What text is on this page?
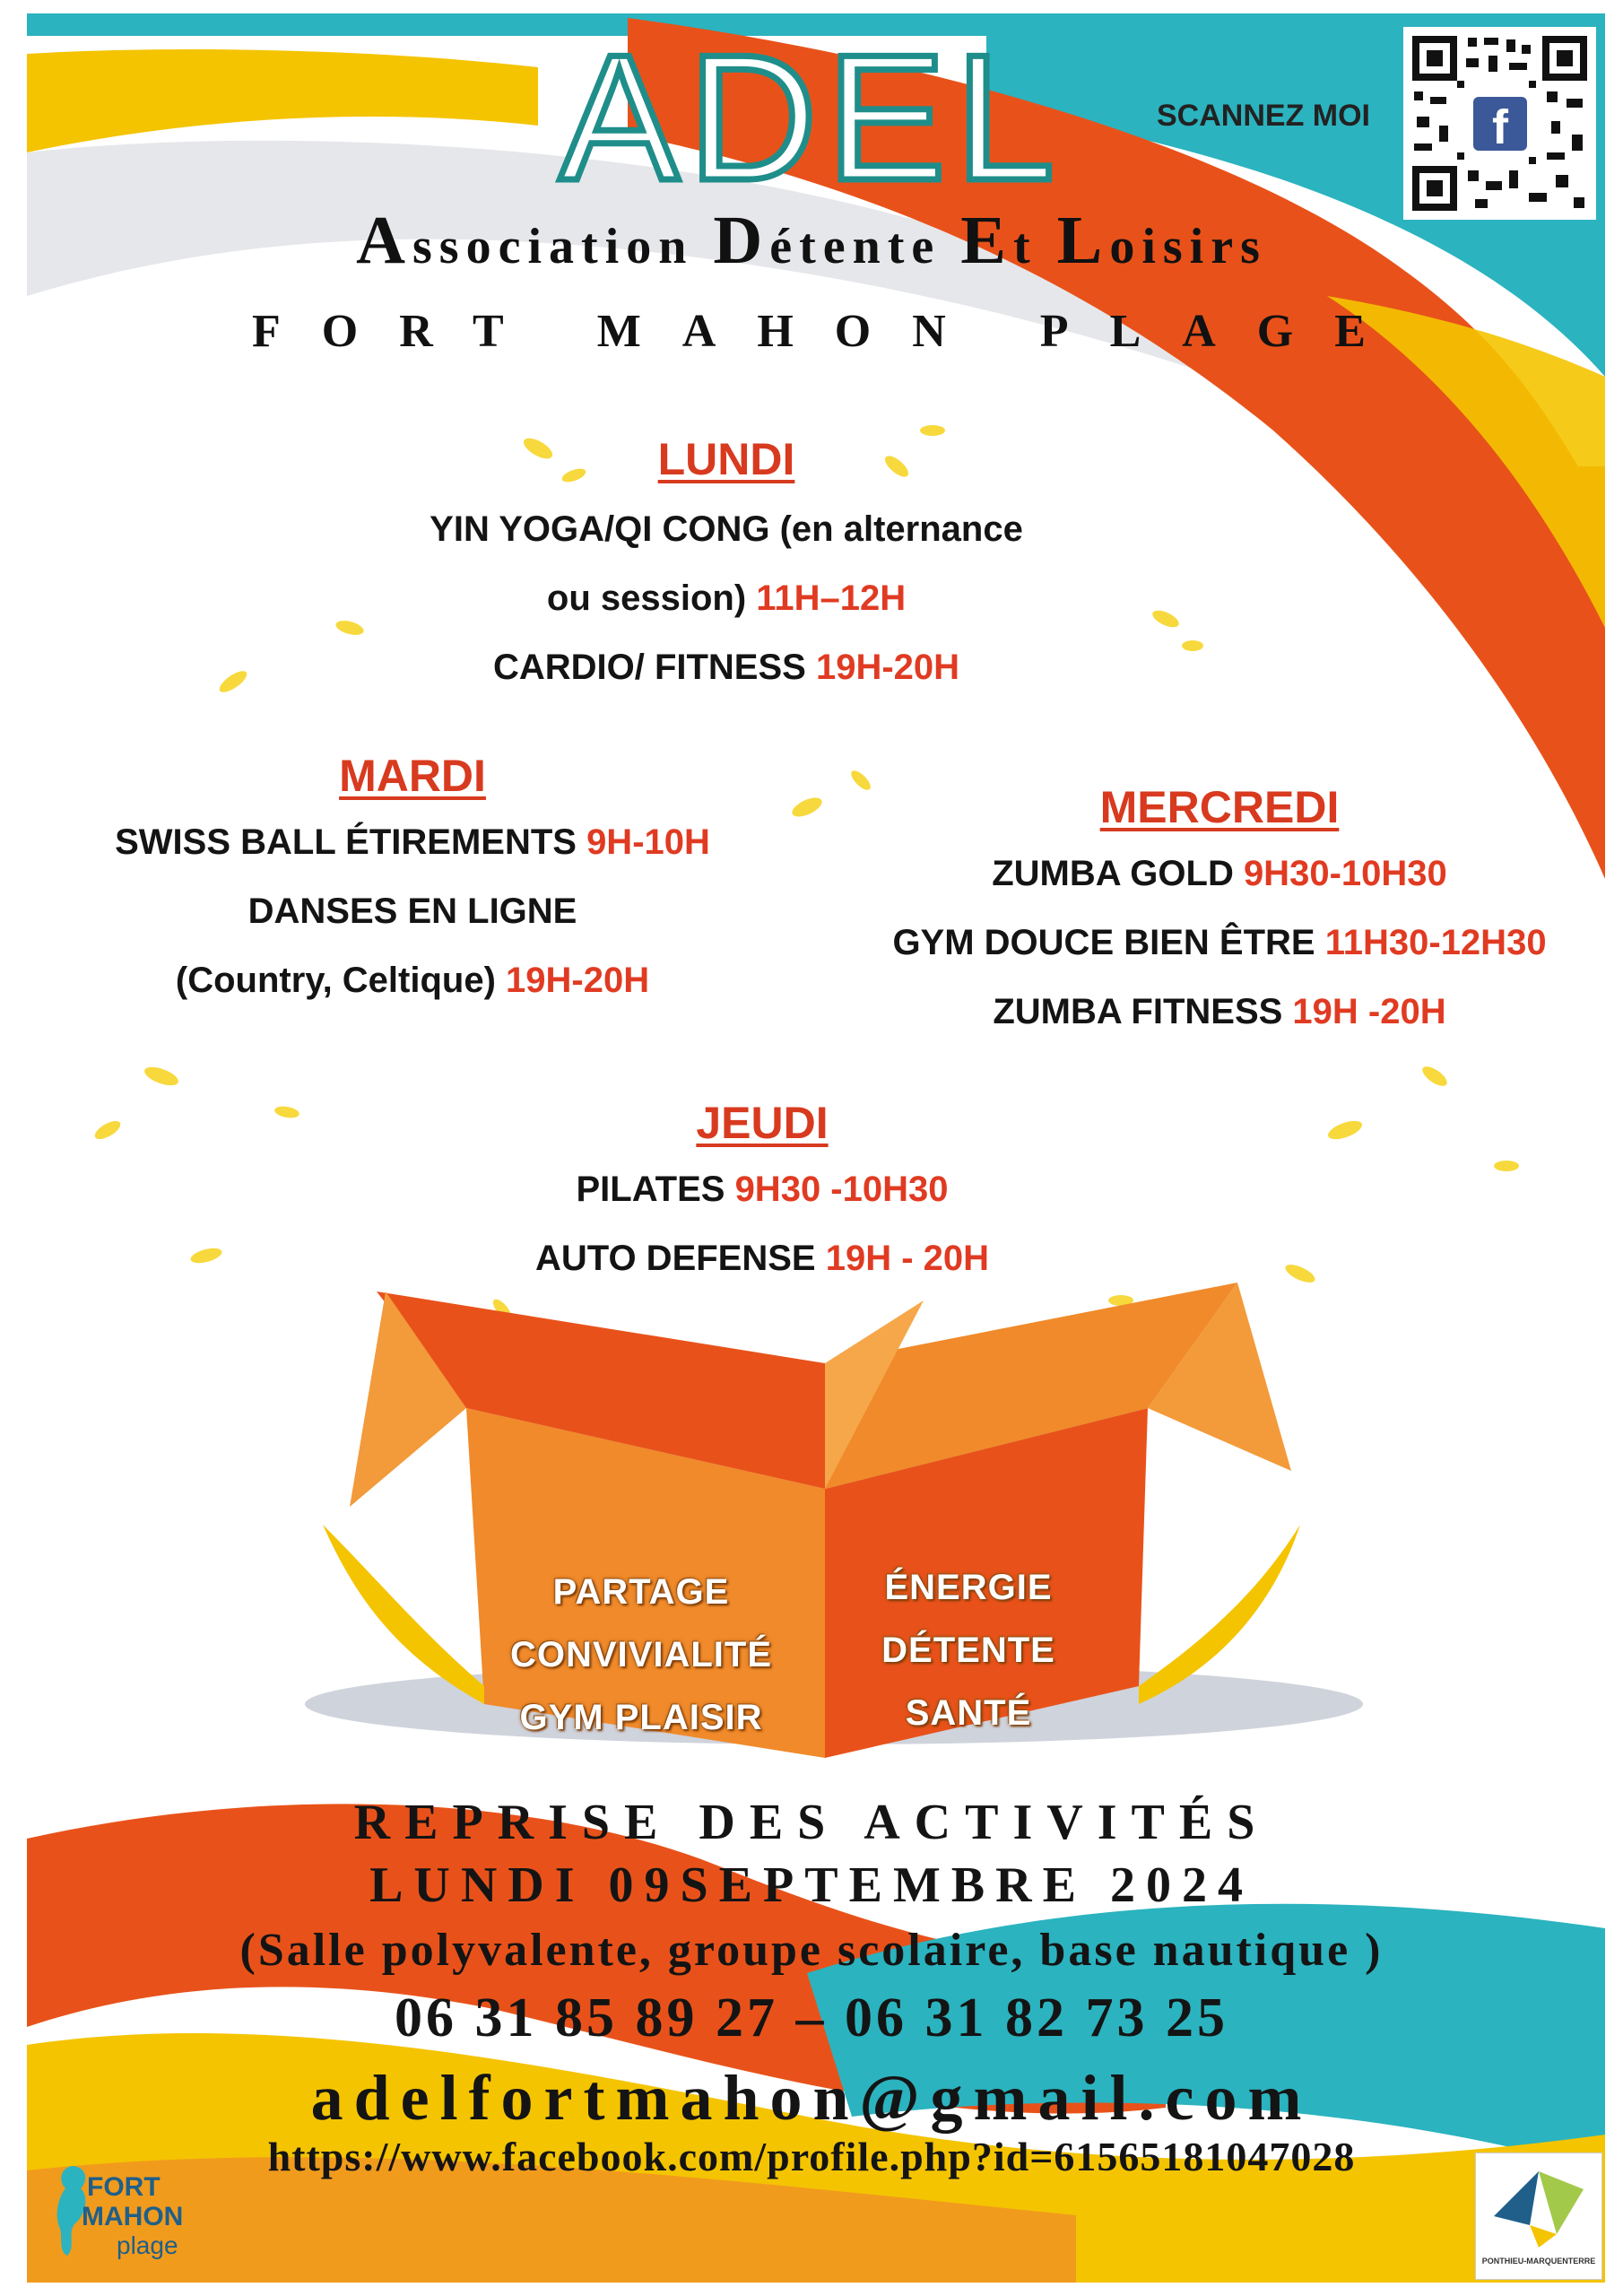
ADEL	SCANNEZ MOI	f
Association Détente Et Loisirs
FORT MAHON PLAGE
LUNDI
YIN YOGA/QI CONG (en alternance
ou session) 11H–12H
CARDIO/ FITNESS 19H-20H
MARDI
SWISS BALL ÉTIREMENTS 9H-10H
DANSES EN LIGNE
(Country, Celtique) 19H-20H
MERCREDI
ZUMBA GOLD 9H30-10H30
GYM DOUCE BIEN ÊTRE 11H30-12H30
ZUMBA FITNESS 19H -20H
JEUDI
PILATES 9H30 -10H30
AUTO DEFENSE 19H - 20H
PARTAGE
CONVIVIALITÉ
GYM PLAISIR
ÉNERGIE
DÉTENTE
SANTÉ
REPRISE DES ACTIVITÉS
LUNDI 09SEPTEMBRE 2024
(Salle polyvalente, groupe scolaire, base nautique )
06 31 85 89 27 – 06 31 82 73 25
adelfortmahon@gmail.com
https://www.facebook.com/profile.php?id=61565181047028
FORT
MAHON
plage
PONTHIEU-MARQUENTERRE
